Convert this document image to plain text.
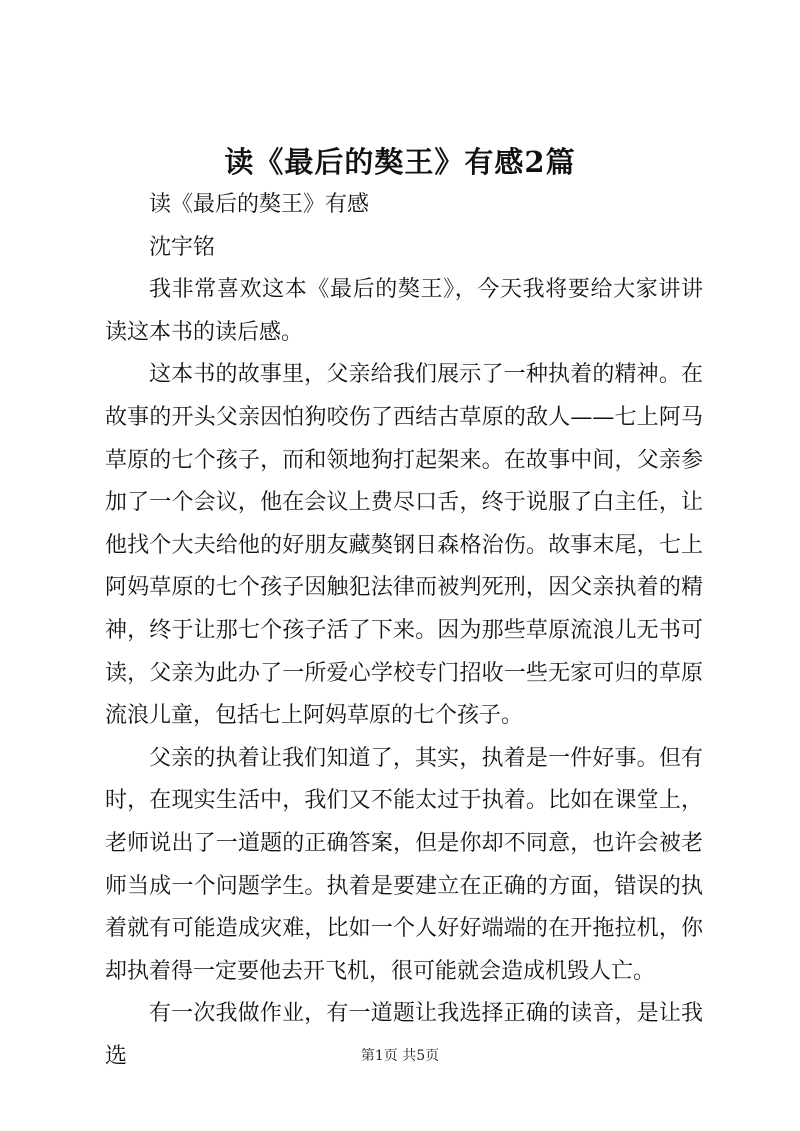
读《最后的獒王》有感2篇

读《最后的獒王》有感

沈宇铭

我非常喜欢这本《最后的獒王》，今天我将要给大家讲讲读这本书的读后感。

这本书的故事里，父亲给我们展示了一种执着的精神。在故事的开头父亲因怕狗咬伤了西结古草原的敌人——七上阿马草原的七个孩子，而和领地狗打起架来。在故事中间，父亲参加了一个会议，他在会议上费尽口舌，终于说服了白主任，让他找个大夫给他的好朋友藏獒钢日森格治伤。故事末尾，七上阿妈草原的七个孩子因触犯法律而被判死刑，因父亲执着的精神，终于让那七个孩子活了下来。因为那些草原流浪儿无书可读，父亲为此办了一所爱心学校专门招收一些无家可归的草原流浪儿童，包括七上阿妈草原的七个孩子。

父亲的执着让我们知道了，其实，执着是一件好事。但有时，在现实生活中，我们又不能太过于执着。比如在课堂上，老师说出了一道题的正确答案，但是你却不同意，也许会被老师当成一个问题学生。执着是要建立在正确的方面，错误的执着就有可能造成灾难，比如一个人好好端端的在开拖拉机，你却执着得一定要他去开飞机，很可能就会造成机毁人亡。

有一次我做作业，有一道题让我选择正确的读音，是让我选	第1页 共5页
